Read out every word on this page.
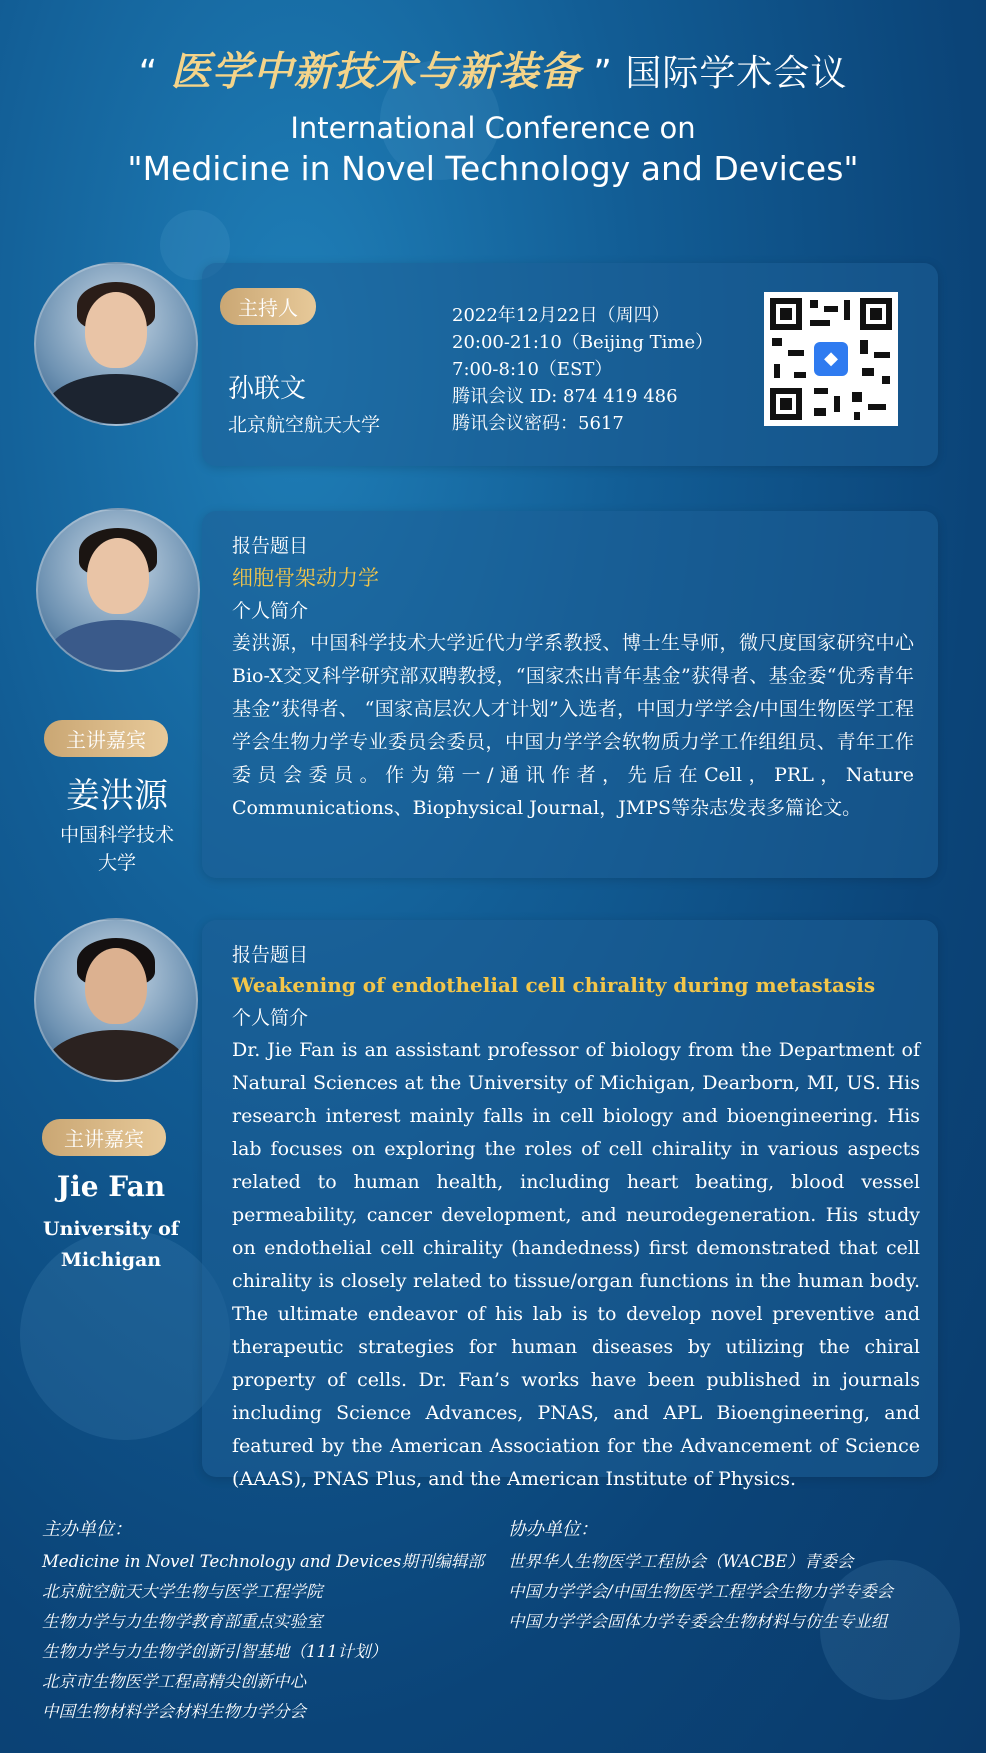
“ 医学中新技术与新装备 ” 国际学术会议
International Conference on
"Medicine in Novel Technology and Devices"
主持人
孙联文
北京航空航天大学
2022年12月22日（周四）
20:00-21:10（Beijing Time）
7:00-8:10（EST）
腾讯会议 ID: 874 419 486
腾讯会议密码：5617
◆
报告题目
细胞骨架动力学
个人简介
姜洪源，中国科学技术大学近代力学系教授、博士生导师，微尺度国家研究中心Bio-X交叉科学研究部双聘教授，“国家杰出青年基金”获得者、基金委“优秀青年基金”获得者、 “国家高层次人才计划”入选者，中国力学学会/中国生物医学工程学会生物力学专业委员会委员，中国力学学会软物质力学工作组组员、青年工作委员会委员。作为第一/通讯作者，先后在Cell，PRL，Nature Communications、Biophysical Journal，JMPS等杂志发表多篇论文。
主讲嘉宾
姜洪源
中国科学技术
大学
报告题目
Weakening of endothelial cell chirality during metastasis
个人简介
Dr. Jie Fan is an assistant professor of biology from the Department of Natural Sciences at the University of Michigan, Dearborn, MI, US. His research interest mainly falls in cell biology and bioengineering. His lab focuses on exploring the roles of cell chirality in various aspects related to human health, including heart beating, blood vessel permeability, cancer development, and neurodegeneration. His study on endothelial cell chirality (handedness) first demonstrated that cell chirality is closely related to tissue/organ functions in the human body. The ultimate endeavor of his lab is to develop novel preventive and therapeutic strategies for human diseases by utilizing the chiral property of cells. Dr. Fan’s works have been published in journals including Science Advances, PNAS, and APL Bioengineering, and featured by the American Association for the Advancement of Science (AAAS), PNAS Plus, and the American Institute of Physics.
主讲嘉宾
Jie Fan
University of
Michigan
主办单位：
Medicine in Novel Technology and Devices期刊编辑部
北京航空航天大学生物与医学工程学院
生物力学与力生物学教育部重点实验室
生物力学与力生物学创新引智基地（111计划）
北京市生物医学工程高精尖创新中心
中国生物材料学会材料生物力学分会
协办单位：
世界华人生物医学工程协会（WACBE）青委会
中国力学学会/中国生物医学工程学会生物力学专委会
中国力学学会固体力学专委会生物材料与仿生专业组
